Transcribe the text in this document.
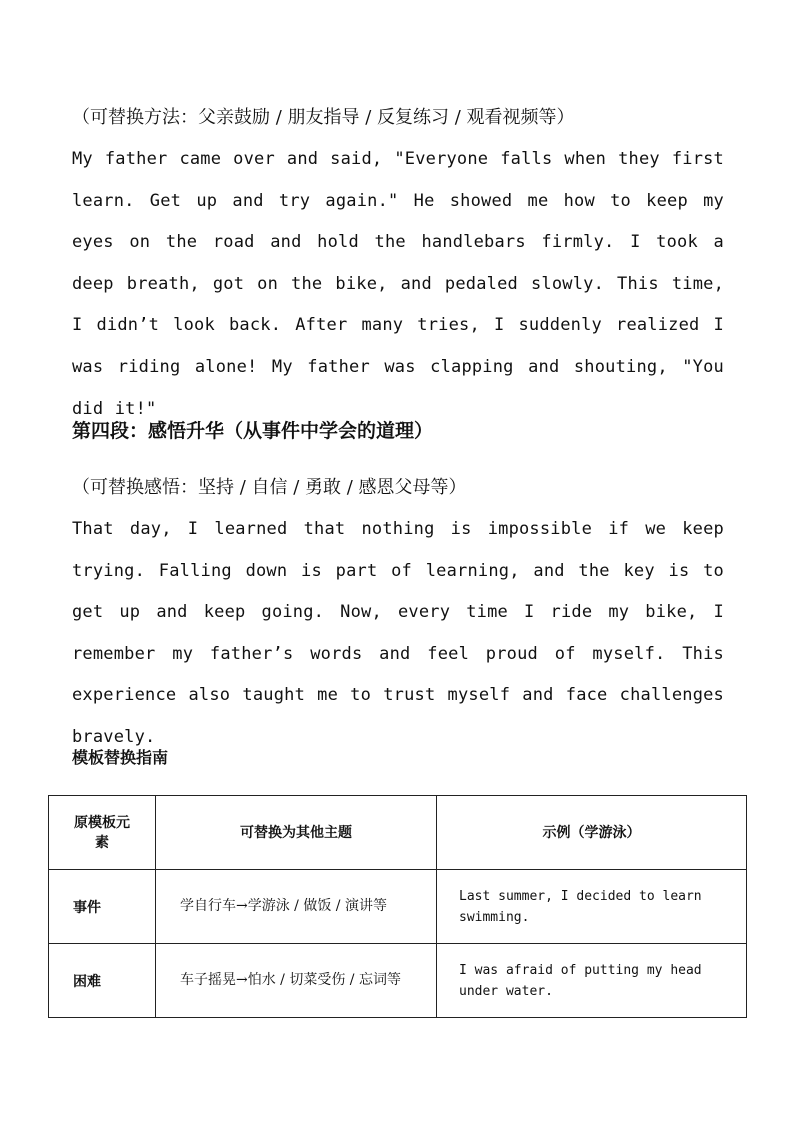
（可替换方法：父亲鼓励 / 朋友指导 / 反复练习 / 观看视频等）
My father came over and said, "Everyone falls when they first learn. Get up and try again." He showed me how to keep my eyes on the road and hold the handlebars firmly. I took a deep breath, got on the bike, and pedaled slowly. This time, I didn’t look back. After many tries, I suddenly realized I was riding alone! My father was clapping and shouting, "You did it!"
第四段：感悟升华（从事件中学会的道理）
（可替换感悟：坚持 / 自信 / 勇敢 / 感恩父母等）
That day, I learned that nothing is impossible if we keep trying. Falling down is part of learning, and the key is to get up and keep going. Now, every time I ride my bike, I remember my father’s words and feel proud of myself. This experience also taught me to trust myself and face challenges bravely.
模板替换指南
原模板元素	可替换为其他主题	示例（学游泳）
事件	学自行车→学游泳 / 做饭 / 演讲等	Last summer, I decided to learn swimming.
困难	车子摇晃→怕水 / 切菜受伤 / 忘词等	I was afraid of putting my head under water.
